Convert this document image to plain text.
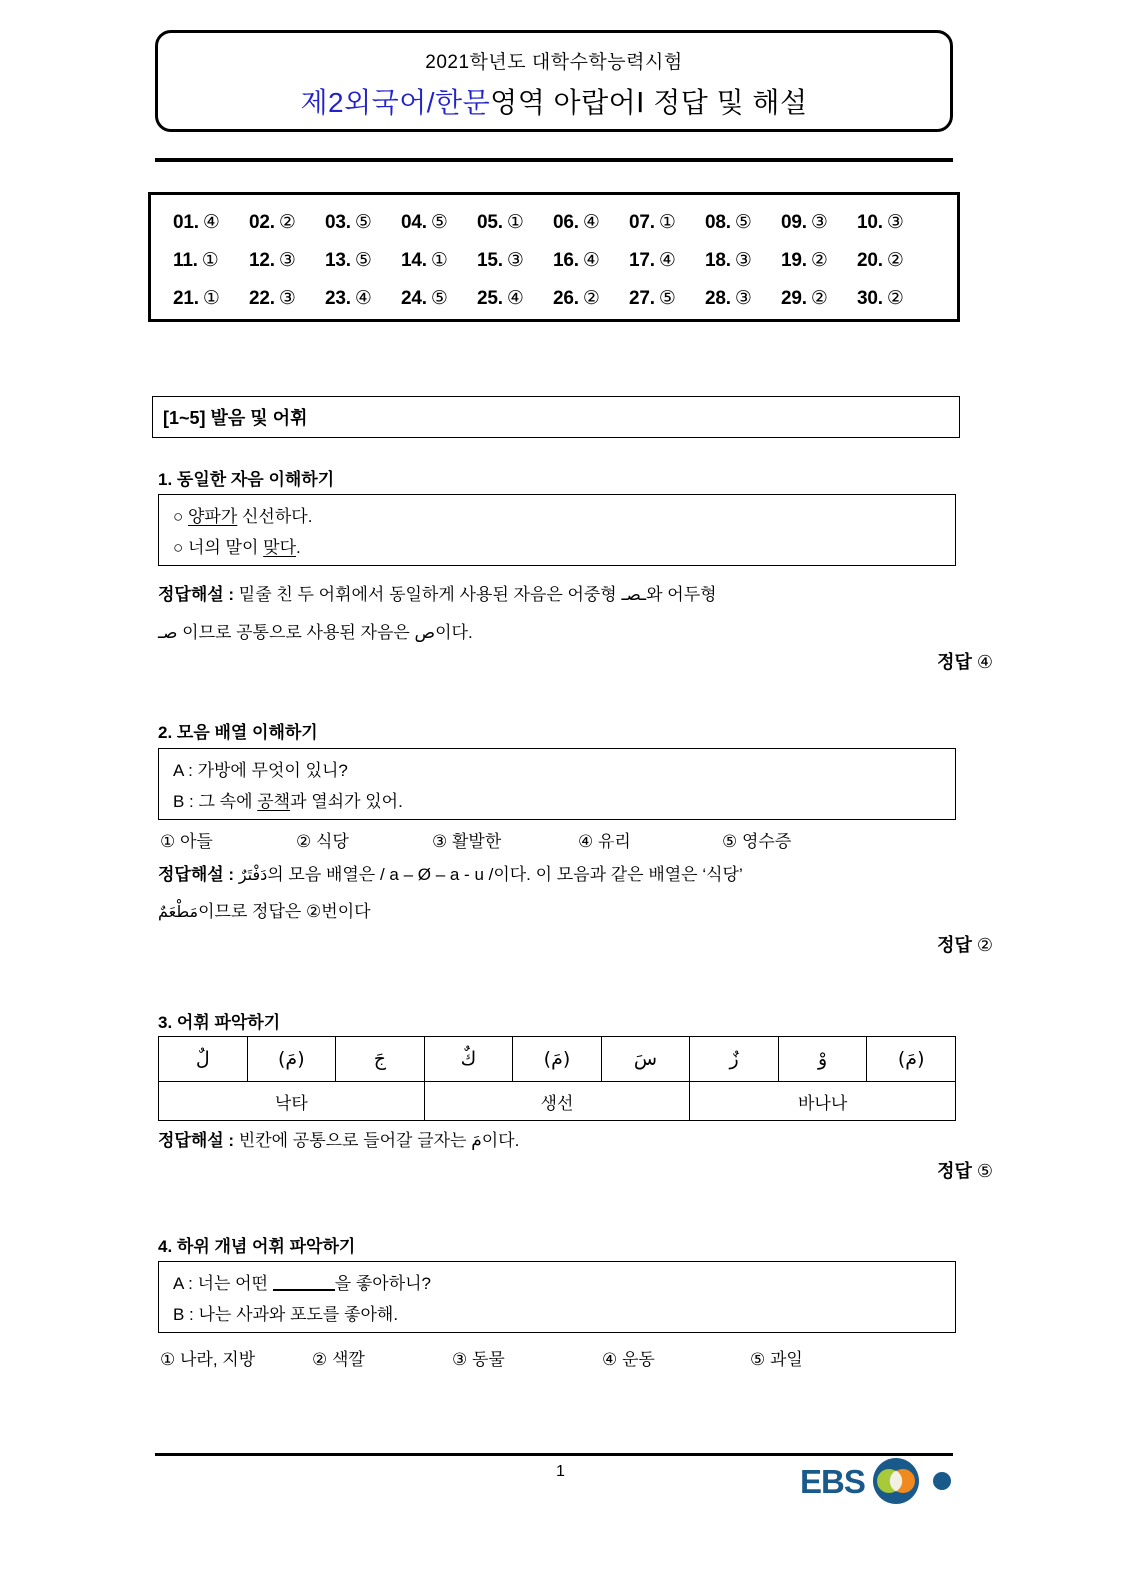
2021학년도 대학수학능력시험
제2외국어/한문영역 아랍어Ⅰ 정답 및 해설
01. ④	02. ②	03. ⑤	04. ⑤	05. ①	06. ④	07. ①	08. ⑤	09. ③	10. ③
11. ①	12. ③	13. ⑤	14. ①	15. ③	16. ④	17. ④	18. ③	19. ②	20. ②
21. ①	22. ③	23. ④	24. ⑤	25. ④	26. ②	27. ⑤	28. ③	29. ②	30. ②
[1~5] 발음 및 어휘
1. 동일한 자음 이해하기
○ 양파가 신선하다.
○ 너의 말이 맞다.
정답해설 : 밑줄 친 두 어휘에서 동일하게 사용된 자음은 어중형 ـصـ와 어두형
صـ 이므로 공통으로 사용된 자음은 ص이다.
정답 ④
2. 모음 배열 이해하기
A : 가방에 무엇이 있니?
B : 그 속에 공책과 열쇠가 있어.
① 아들	② 식당	③ 활발한	④ 유리	⑤ 영수증
정답해설 : دَفْتَرٌ의 모음 배열은 / a – Ø – a - u /이다. 이 모음과 같은 배열은 ‘식당’
مَطْعَمٌ이므로 정답은 ②번이다
정답 ②
3. 어휘 파악하기
لٌ	(مَ)	جَ	كٌ	(مَ)	سَ	زٌ	وْ	(مَ)
낙타			생선			바나나		
정답해설 : 빈칸에 공통으로 들어갈 글자는 مَ이다.
정답 ⑤
4. 하위 개념 어휘 파악하기
A : 너는 어떤	을 좋아하니?
B : 나는 사과와 포도를 좋아해.
① 나라, 지방	② 색깔	③ 동물	④ 운동	⑤ 과일
1	EBS
